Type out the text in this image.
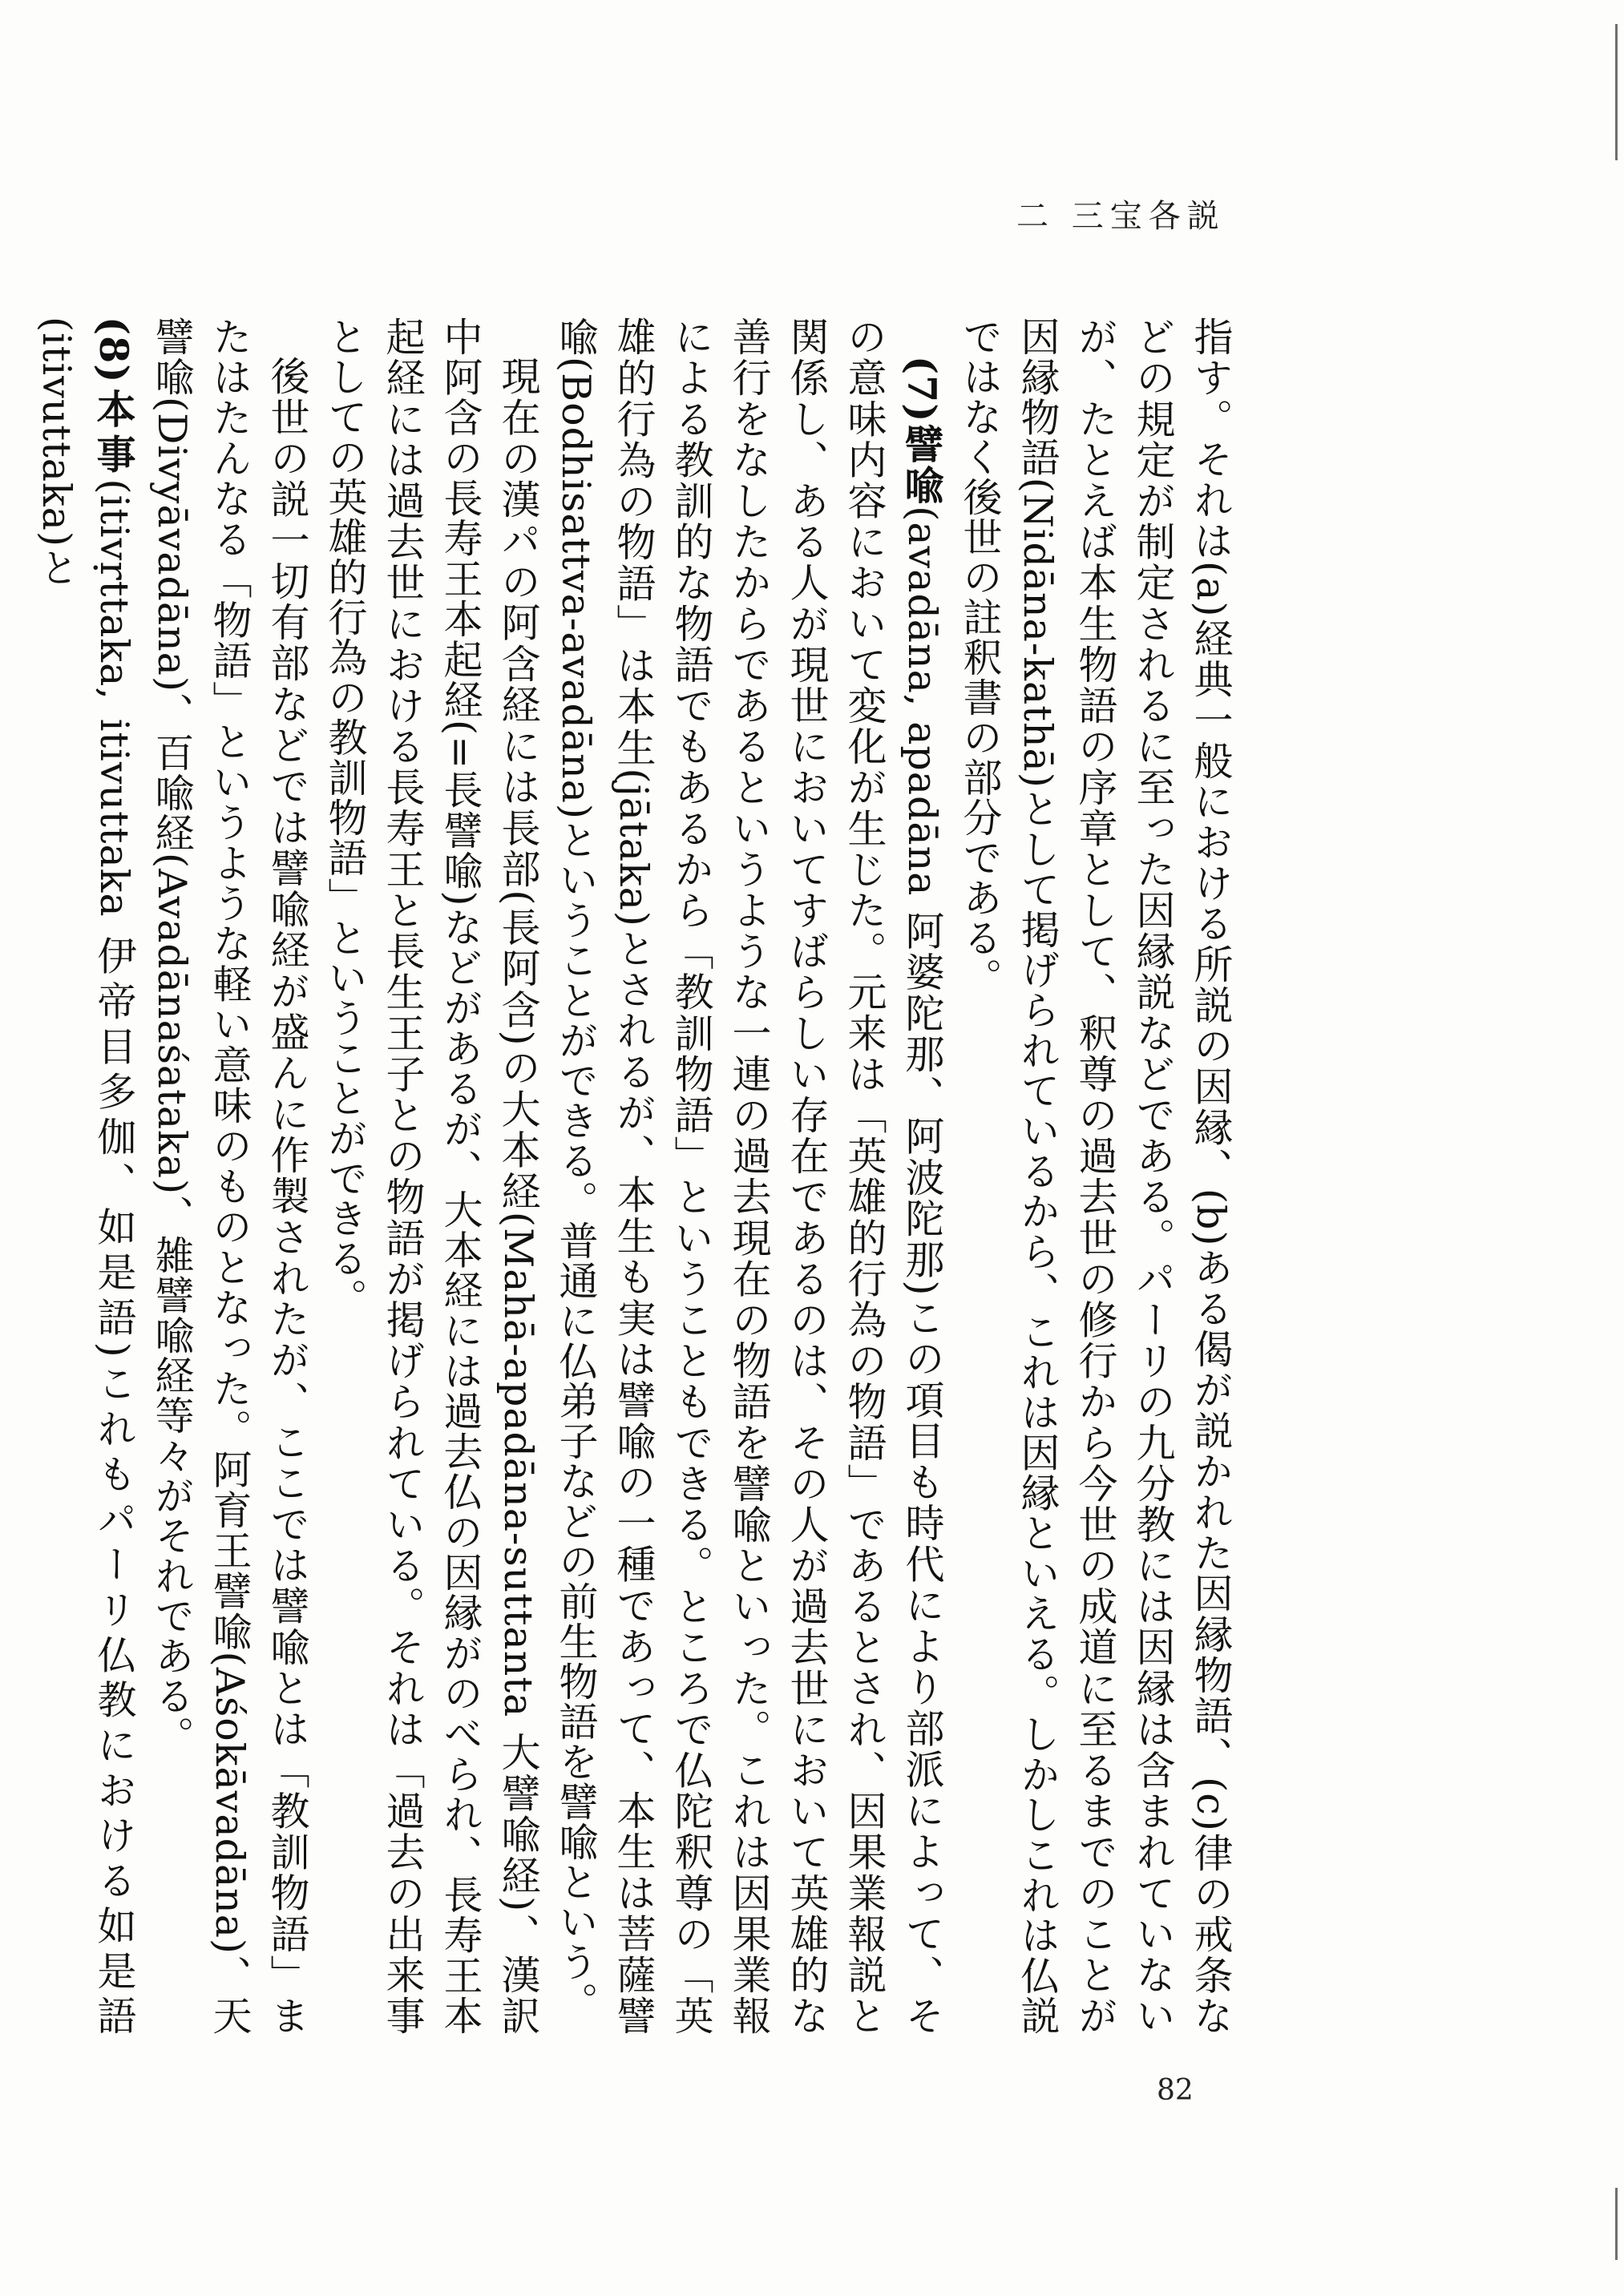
二 三宝各説

指す。それは(a)経典一般における所説の因縁、(b)ある偈が説かれた因縁物語、(c)律の戒条などの規定が制定されるに至った因縁説などである。パーリの九分教には因縁は含まれていないが、たとえば本生物語の序章として、釈尊の過去世の修行から今世の成道に至るまでのことが因縁物語(Nidāna-kathā)として掲げられているから、これは因縁といえる。しかしこれは仏説ではなく後世の註釈書の部分である。

(7)譬喩(avadāna, apadāna 阿婆陀那、阿波陀那)この項目も時代により部派によって、その意味内容において変化が生じた。元来は「英雄的行為の物語」であるとされ、因果業報説と関係し、ある人が現世においてすばらしい存在であるのは、その人が過去世において英雄的な善行をなしたからであるというような一連の過去現在の物語を譬喩といった。これは因果業報による教訓的な物語でもあるから「教訓物語」ということもできる。ところで仏陀釈尊の「英雄的行為の物語」は本生(jātaka)とされるが、本生も実は譬喩の一種であって、本生は菩薩譬喩(Bodhisattva-avadāna)ということができる。普通に仏弟子などの前生物語を譬喩という。

現在の漢パの阿含経には長部(長阿含)の大本経(Mahā-apadāna-suttanta 大譬喩経)、漢訳中阿含の長寿王本起経(=長譬喩)などがあるが、大本経には過去仏の因縁がのべられ、長寿王本起経には過去世における長寿王と長生王子との物語が掲げられている。それは「過去の出来事としての英雄的行為の教訓物語」ということができる。

後世の説一切有部などでは譬喩経が盛んに作製されたが、ここでは譬喩とは「教訓物語」またはたんなる「物語」というような軽い意味のものとなった。阿育王譬喩(Aśokāvadāna)、天譬喩(Divyāvadāna)、百喩経(Avadānaśataka)、雑譬喩経等々がそれである。

(8)本事(itivṛttaka, itivuttaka 伊帝目多伽、如是語)これもパーリ仏教における如是語(itivuttaka)と

82
